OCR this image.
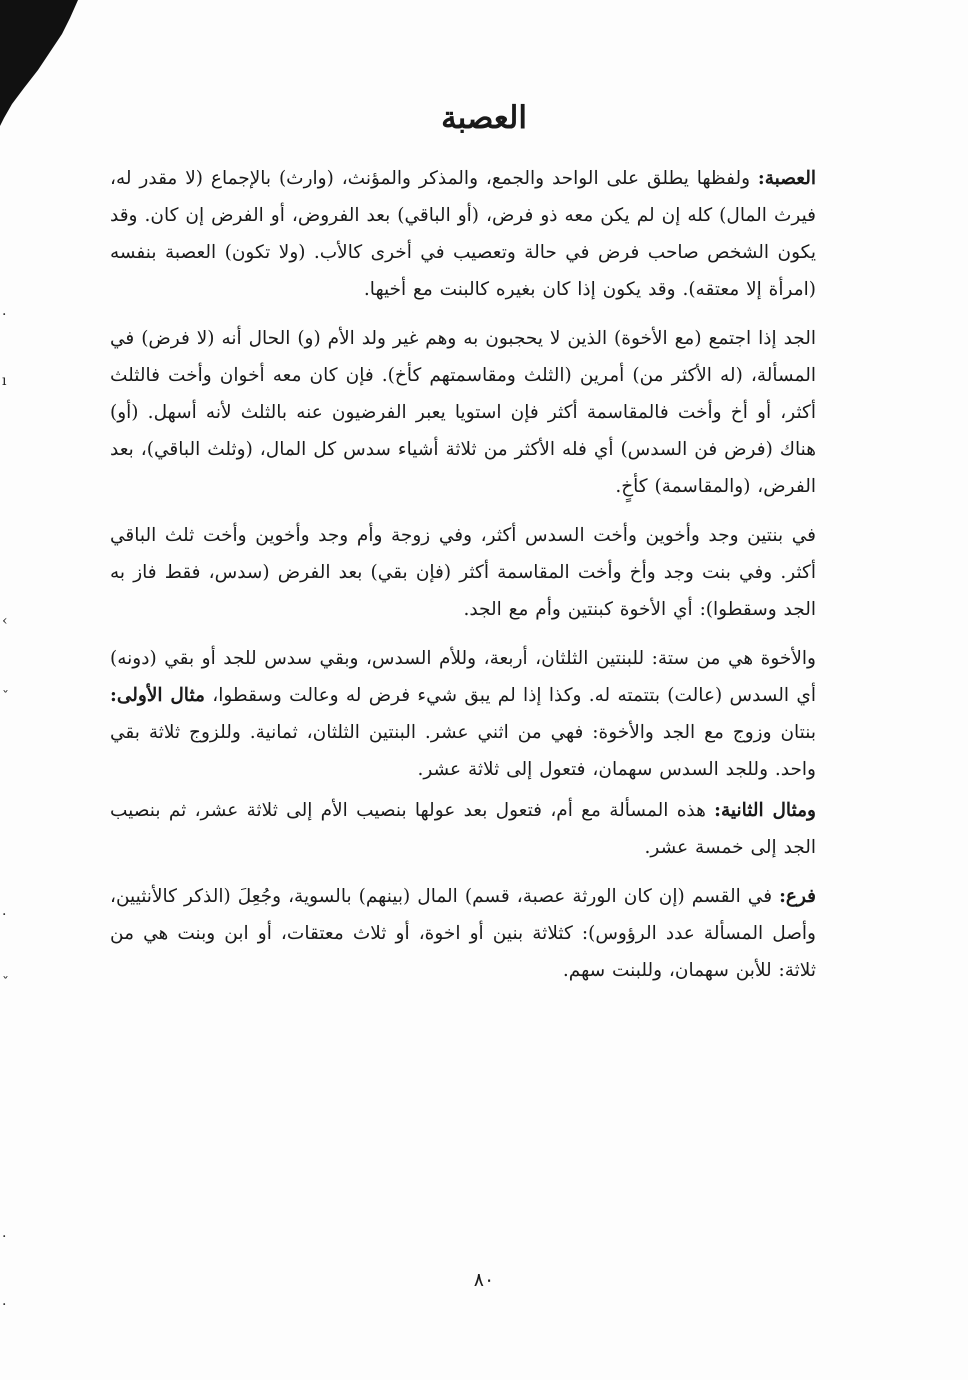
·
ı
›
ˇ
·
ˇ
·
·
العصبة

العصبة: ولفظها يطلق على الواحد والجمع، والمذكر والمؤنث، (وارث) بالإجماع (لا مقدر له، فيرث المال) كله إن لم يكن معه ذو فرض، (أو الباقي) بعد الفروض، أو الفرض إن كان. وقد يكون الشخص صاحب فرض في حالة وتعصيب في أخرى كالأب. (ولا تكون) العصبة بنفسه (امرأة إلا معتقه). وقد يكون إذا كان بغيره كالبنت مع أخيها.

الجد إذا اجتمع (مع الأخوة) الذين لا يحجبون به وهم غير ولد الأم (و) الحال أنه (لا فرض) في المسألة، (له الأكثر من) أمرين (الثلث ومقاسمتهم كأخ). فإن كان معه أخوان وأخت فالثلث أكثر، أو أخ وأخت فالمقاسمة أكثر فإن استويا يعبر الفرضيون عنه بالثلث لأنه أسهل. (أو) هناك (فرض فن السدس) أي فله الأكثر من ثلاثة أشياء سدس كل المال، (وثلث الباقي)، بعد الفرض، (والمقاسمة) كأخٍ.

في بنتين وجد وأخوين وأخت السدس أكثر، وفي زوجة وأم وجد وأخوين وأخت ثلث الباقي أكثر. وفي بنت وجد وأخ وأخت المقاسمة أكثر (فإن بقي) بعد الفرض (سدس، فقط فاز به الجد وسقطوا): أي الأخوة كبنتين وأم مع الجد.

والأخوة هي من ستة: للبنتين الثلثان، أربعة، وللأم السدس، وبقي سدس للجد أو بقي (دونه) أي السدس (عالت) بتتمته له. وكذا إذا لم يبق شيء فرض له وعالت وسقطوا، مثال الأولى: بنتان وزوج مع الجد والأخوة: فهي من اثني عشر. البنتين الثلثان، ثمانية. وللزوج ثلاثة بقي واحد. وللجد السدس سهمان، فتعول إلى ثلاثة عشر.

ومثال الثانية: هذه المسألة مع أم، فتعول بعد عولها بنصيب الأم إلى ثلاثة عشر، ثم بنصيب الجد إلى خمسة عشر.

فرع: في القسم (إن كان الورثة عصبة، قسم) المال (بينهم) بالسوية، وجُعِلَ (الذكر كالأنثيين، وأصل المسألة عدد الرؤوس): كثلاثة بنين أو اخوة، أو ثلاث معتقات، أو ابن وبنت هي من ثلاثة: للأبن سهمان، وللبنت سهم.

٨٠
